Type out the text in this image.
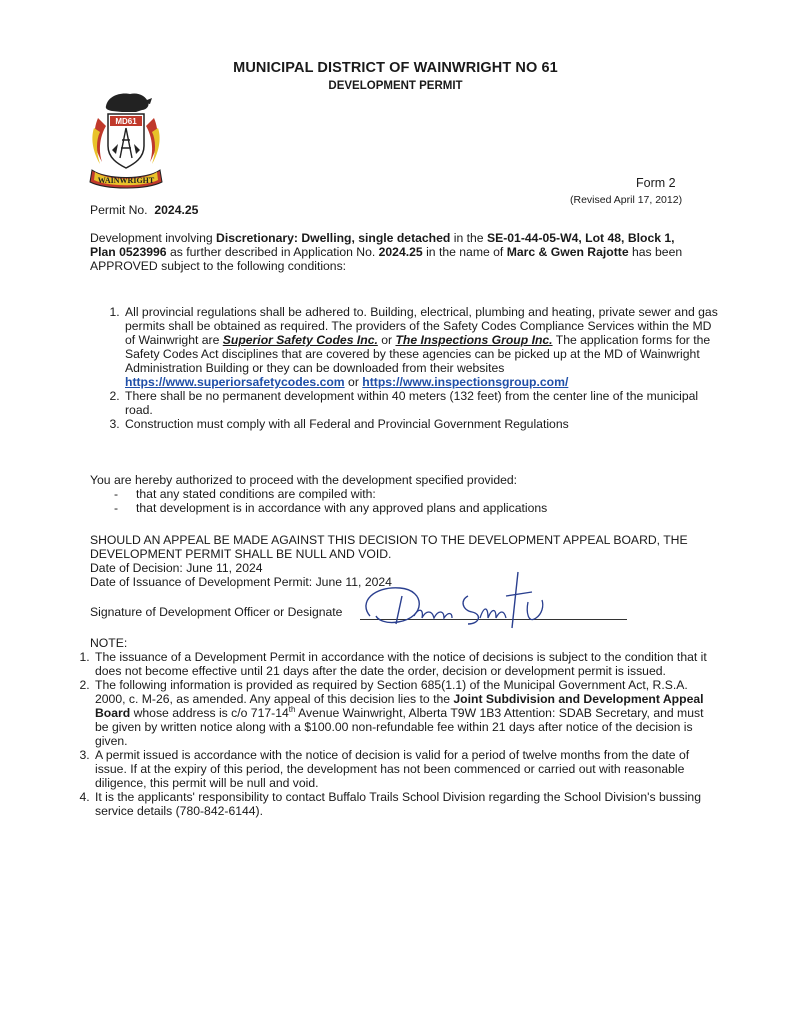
MUNICIPAL DISTRICT OF WAINWRIGHT NO 61
DEVELOPMENT PERMIT
MD61
WAINWRIGHT	Form 2
(Revised April 17, 2012)
Permit No. 2024.25
Development involving Discretionary: Dwelling, single detached in the SE-01-44-05-W4, Lot 48, Block 1, Plan 0523996 as further described in Application No. 2024.25 in the name of Marc & Gwen Rajotte has been APPROVED subject to the following conditions:
1. All provincial regulations shall be adhered to. Building, electrical, plumbing and heating, private sewer and gas permits shall be obtained as required. The providers of the Safety Codes Compliance Services within the MD of Wainwright are Superior Safety Codes Inc. or The Inspections Group Inc. The application forms for the Safety Codes Act disciplines that are covered by these agencies can be picked up at the MD of Wainwright Administration Building or they can be downloaded from their websites https://www.superiorsafetycodes.com or https://www.inspectionsgroup.com/
2. There shall be no permanent development within 40 meters (132 feet) from the center line of the municipal road.
3. Construction must comply with all Federal and Provincial Government Regulations
You are hereby authorized to proceed with the development specified provided:
- that any stated conditions are compiled with:
- that development is in accordance with any approved plans and applications
SHOULD AN APPEAL BE MADE AGAINST THIS DECISION TO THE DEVELOPMENT APPEAL BOARD, THE DEVELOPMENT PERMIT SHALL BE NULL AND VOID.
Date of Decision: June 11, 2024
Date of Issuance of Development Permit: June 11, 2024
Signature of Development Officer or Designate
NOTE:
1. The issuance of a Development Permit in accordance with the notice of decisions is subject to the condition that it does not become effective until 21 days after the date the order, decision or development permit is issued.
2. The following information is provided as required by Section 685(1.1) of the Municipal Government Act, R.S.A. 2000, c. M-26, as amended. Any appeal of this decision lies to the Joint Subdivision and Development Appeal Board whose address is c/o 717-14th Avenue Wainwright, Alberta T9W 1B3 Attention: SDAB Secretary, and must be given by written notice along with a $100.00 non-refundable fee within 21 days after notice of the decision is given.
3. A permit issued is accordance with the notice of decision is valid for a period of twelve months from the date of issue. If at the expiry of this period, the development has not been commenced or carried out with reasonable diligence, this permit will be null and void.
4. It is the applicants' responsibility to contact Buffalo Trails School Division regarding the School Division's bussing service details (780-842-6144).
